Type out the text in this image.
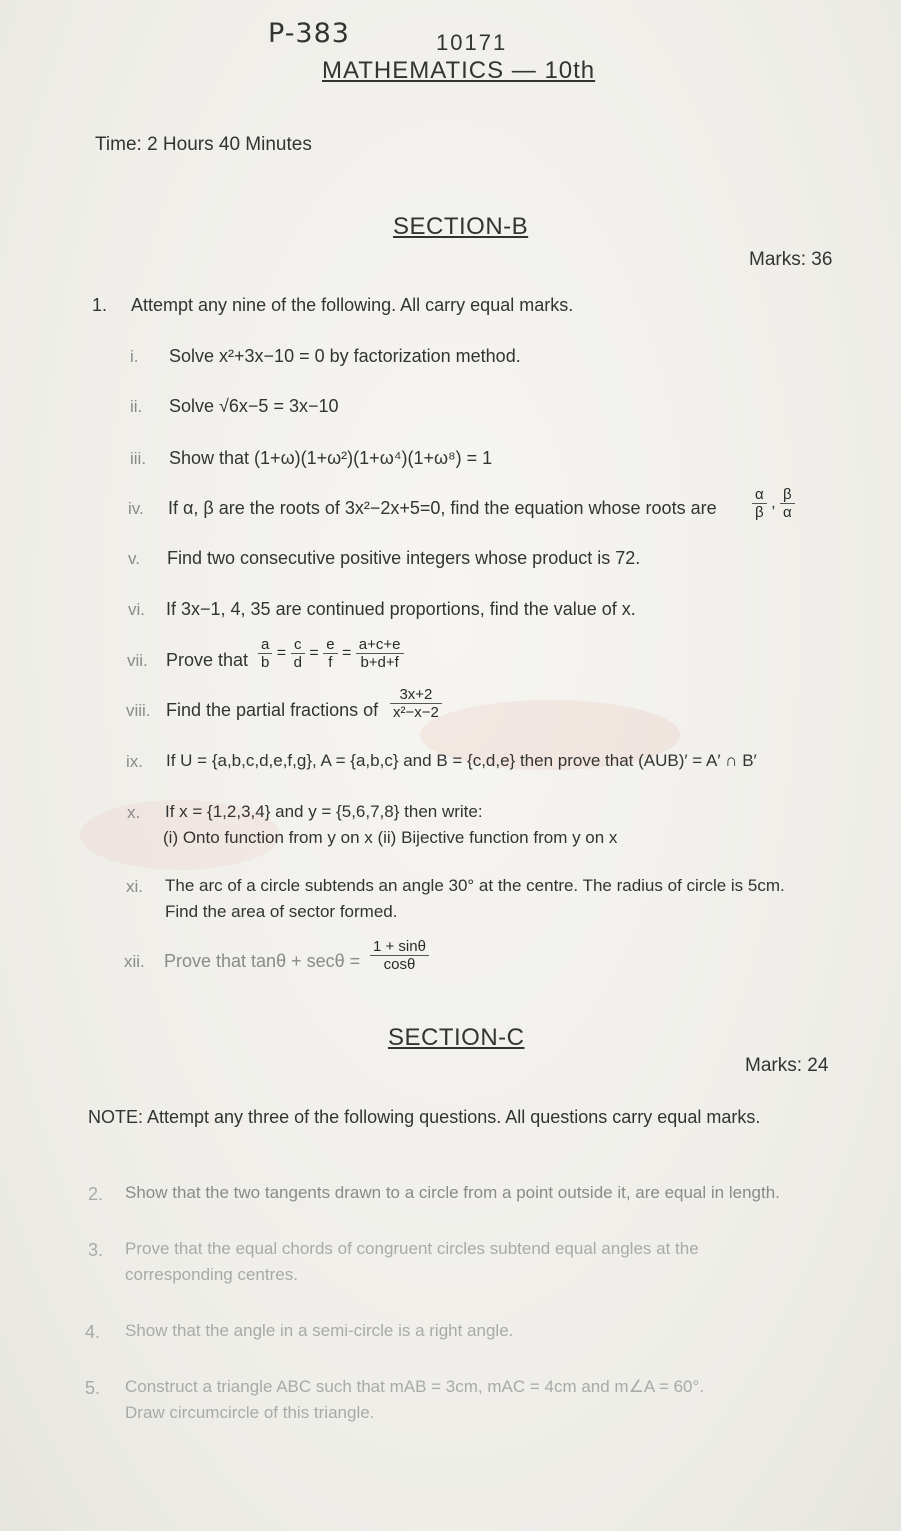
P-383	10171
MATHEMATICS — 10th
Time: 2 Hours 40 Minutes
SECTION-B
Marks: 36
1. Attempt any nine of the following. All carry equal marks.
i. Solve x²+3x−10 = 0 by factorization method.
ii. Solve √6x−5 = 3x−10
iii. Show that (1+ω)(1+ω²)(1+ω⁴)(1+ω⁸) = 1
iv. If α, β are the roots of 3x²−2x+5=0, find the equation whose roots are $\frac{\alpha}{\beta}$ , $\frac{\beta}{\alpha}$
v. Find two consecutive positive integers whose product is 72.
vi. If 3x−1, 4, 35 are continued proportions, find the value of x.
vii. Prove that $\frac{a}{b} = \frac{c}{d} = \frac{e}{f} = \frac{a+c+e}{b+d+f}$
viii. Find the partial fractions of $\frac{3x+2}{\text{x²−x−2}}$
ix. If U = {a,b,c,d,e,f,g}, A = {a,b,c} and B = {c,d,e} then prove that (AUB)′ = A′ ∩ B′
x. If x = {1,2,3,4} and y = {5,6,7,8} then write:
(i) Onto function from y on x (ii) Bijective function from y on x
xi. The arc of a circle subtends an angle 30° at the centre. The radius of circle is 5cm.
Find the area of sector formed.
xii. Prove that $\tan\theta + \sec\theta = \frac{1 + \sin\theta}{\cos\theta}$
SECTION-C
Marks: 24
NOTE: Attempt any three of the following questions. All questions carry equal marks.
2. Show that the two tangents drawn to a circle from a point outside it, are equal in length.
3. Prove that the equal chords of congruent circles subtend equal angles at the
corresponding centres.
4. Show that the angle in a semi-circle is a right angle.
5. Construct a triangle ABC such that mAB = 3cm, mAC = 4cm and m∠A = 60°.
Draw circumcircle of this triangle.
